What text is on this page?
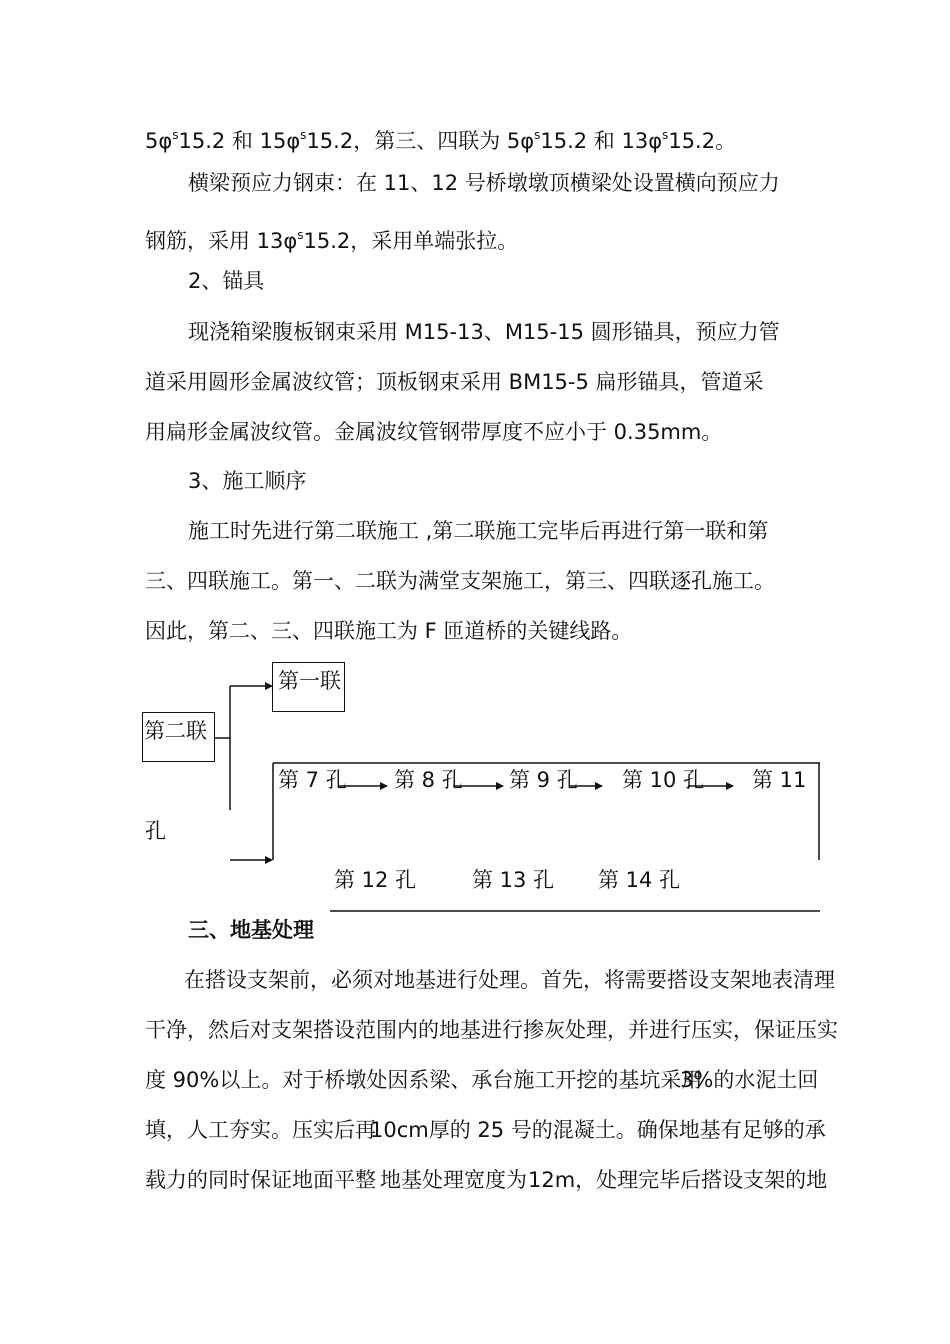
$5\varphi^s15.2$ 和 $15\varphi^s15.2$，第三、四联为 $5\varphi^s15.2$ 和 $13\varphi^s15.2$。
横梁预应力钢束：在 11、12 号桥墩墩顶横梁处设置横向预应力
钢筋，采用 $13\varphi^s15.2$，采用单端张拉。
2、锚具
现浇箱梁腹板钢束采用 M15-13、M15-15 圆形锚具，预应力管
道采用圆形金属波纹管；顶板钢束采用 BM15-5 扁形锚具，管道采
用扁形金属波纹管。金属波纹管钢带厚度不应小于 0.35mm。
3、施工顺序
施工时先进行第二联施工 ,第二联施工完毕后再进行第一联和第
三、四联施工。第一、二联为满堂支架施工，第三、四联逐孔施工。
因此，第二、三、四联施工为 F 匝道桥的关键线路。
第一联
第二联
第 7 孔 第 8 孔 第 9 孔 第 10 孔 第 11
孔
第 12 孔	第 13 孔 第 14 孔
三、地基处理
在搭设支架前，必须对地基进行处理。首先，将需要搭设支架地表清理
干净，然后对支架搭设范围内的地基进行掺灰处理，并进行压实，保证压实
度 90%以上。对于桥墩处因系梁、承台施工开挖的基坑采用
3%的水泥土回
填，人工夯实。压实后再
10cm厚的 25 号的混凝土。确保地基有足够的承
载力的同时保证地面平整 地基处理宽度为 12m，处理完毕后搭设支架的地
